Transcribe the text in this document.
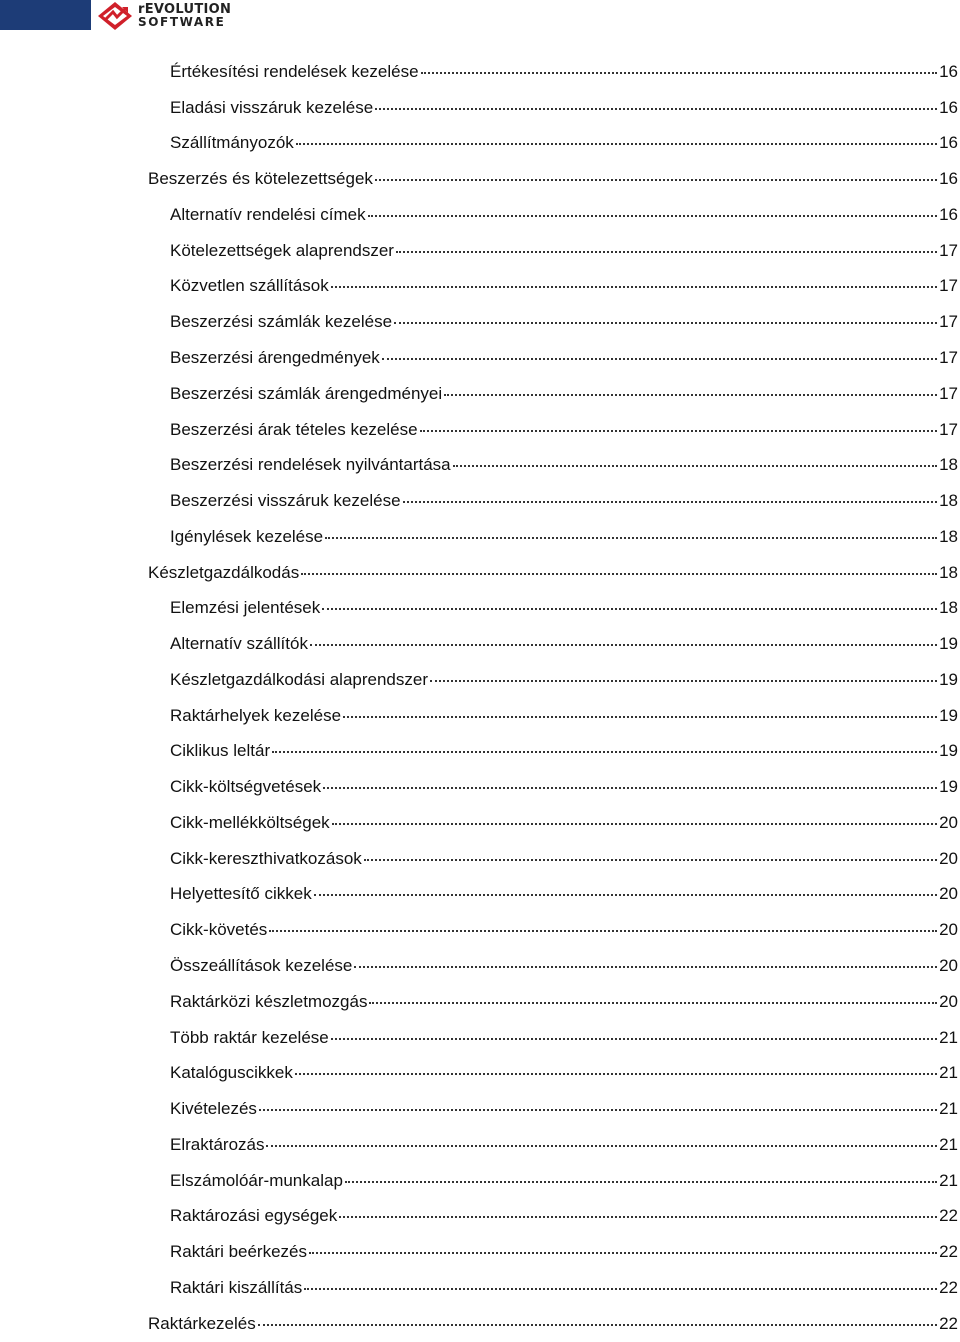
rEVOLUTION
SOFTWARE
Értékesítési rendelések kezelése	16
Eladási visszáruk kezelése	16
Szállítmányozók	16
Beszerzés és kötelezettségek	16
Alternatív rendelési címek	16
Kötelezettségek alaprendszer	17
Közvetlen szállítások	17
Beszerzési számlák kezelése	17
Beszerzési árengedmények	17
Beszerzési számlák árengedményei	17
Beszerzési árak tételes kezelése	17
Beszerzési rendelések nyilvántartása	18
Beszerzési visszáruk kezelése	18
Igénylések kezelése	18
Készletgazdálkodás	18
Elemzési jelentések	18
Alternatív szállítók	19
Készletgazdálkodási alaprendszer	19
Raktárhelyek kezelése	19
Ciklikus leltár	19
Cikk-költségvetések	19
Cikk-mellékköltségek	20
Cikk-kereszthivatkozások	20
Helyettesítő cikkek	20
Cikk-követés	20
Összeállítások kezelése	20
Raktárközi készletmozgás	20
Több raktár kezelése	21
Katalóguscikkek	21
Kivételezés	21
Elraktározás	21
Elszámolóár-munkalap	21
Raktározási egységek	22
Raktári beérkezés	22
Raktári kiszállítás	22
Raktárkezelés	22
